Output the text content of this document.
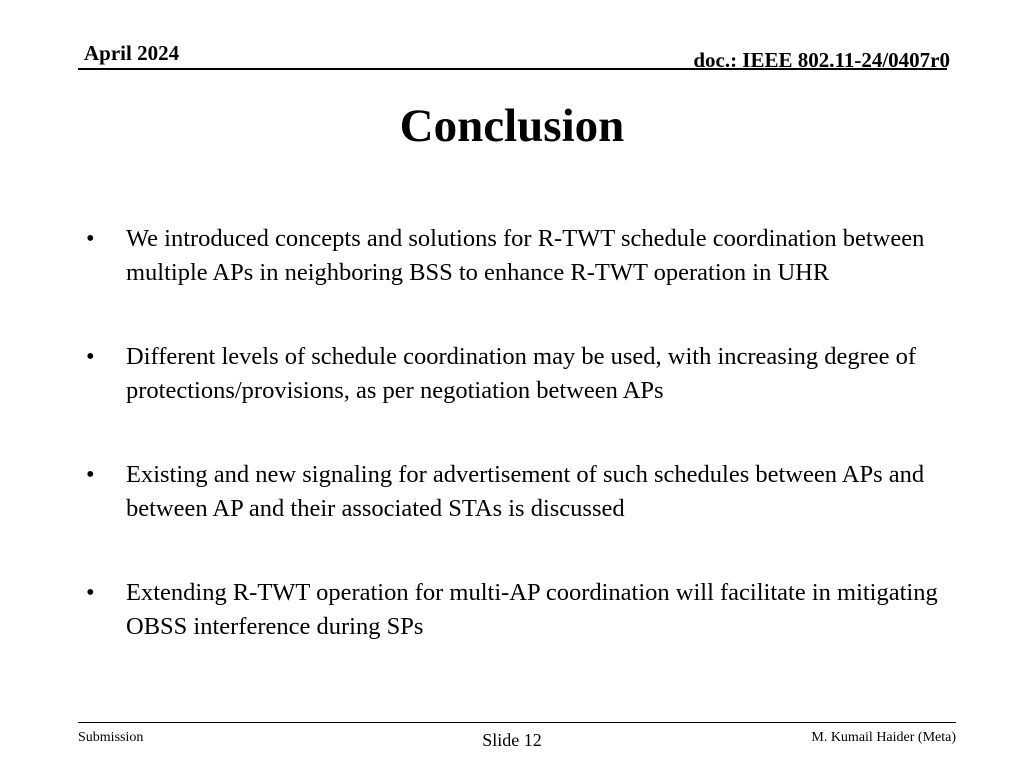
April 2024	doc.: IEEE 802.11-24/0407r0
Conclusion
•	We introduced concepts and solutions for R-TWT schedule coordination between multiple APs in neighboring BSS to enhance R-TWT operation in UHR
•	Different levels of schedule coordination may be used, with increasing degree of protections/provisions, as per negotiation between APs
•	Existing and new signaling for advertisement of such schedules between APs and between AP and their associated STAs is discussed
•	Extending R-TWT operation for multi-AP coordination will facilitate in mitigating OBSS interference during SPs
Submission	Slide 12	M. Kumail Haider (Meta)
